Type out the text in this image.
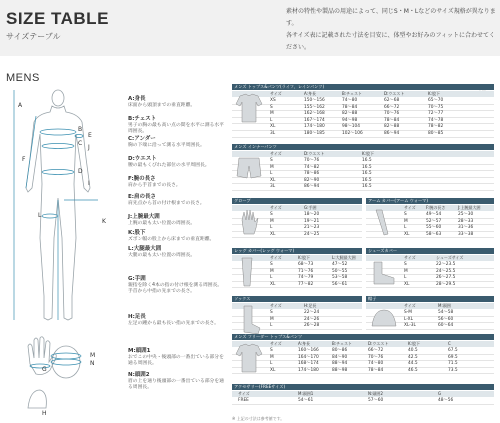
SIZE TABLE
サイズテーブル
素材の特性や製品の用途によって、同じS・M・Lなどのサイズ規格が異なります。
各サイズ表に記載された寸法を目安に、体型やお好みのフィットに合わせてください。
MENS
A
B
C
D
E
F
G
H
I
J
K
L
M
N
A:身長
床面から頭頂までの垂直距離。
B:チェスト
男子の胸の最も高い点の間を水平に測る水平周囲長。
C:アンダー
胸の下端に沿って測る水平周囲長。
D:ウエスト
腰の最もくびれた部位の水平周囲長。
F:腕の長さ
肩から手首までの長さ。
E:肩の長さ
肩先点から首の付け根までの長さ。
J:上腕最大囲
上腕の最も太い位置の周囲長。
K:股下
ズボン幅の股上から床までの垂直距離。
L:大腿最大囲
大腿の最も太い位置の周囲長。
G:手囲
親指を除く4本の指の付け根を測る周囲長。手首から中指の先までの長さ。
H:足長
左足の踵から最も長い指の先までの長さ。
M:頭囲1
おでこの中央・後頭部の一番出ている部分を通る周囲長。
N:頭囲2
眉の上を通り後頭部の一番出ている部分を通る周囲長。
メンズ トップス&パンツ(ライフ、レインパンツ)
サイズ	A:身長	B:チェスト	D:ウエスト	K:股下
XS	150〜156	74〜80	62〜68	65〜70
S	155〜162	78〜84	66〜72	70〜75
M	162〜168	82〜88	70〜76	72〜77
L	167〜174	94〜98	78〜84	74〜78
XL	174〜180	98〜104	82〜88	78〜82
3L	180〜185	102〜106	86〜94	80〜85
メンズ インナーパンツ
サイズ	D:ウエスト	K:股下
S	70〜76	16.5
M	74〜82	16.5
L	78〜86	16.5
XL	82〜90	16.5
3L	86〜94	16.5
グローブ
サイズ	G:手囲
S	18〜20
M	19〜21
L	21〜23
XL	24〜25
アーム カバー(アーム ウォーマ)
サイズ	F:腕の長さ	J:上腕最大囲
S	49〜54	25〜30
M	52〜57	28〜33
L	55〜60	31〜36
XL	58〜63	33〜38
レッグ カバー(レッグ ウォーマ)
サイズ	K:股下	L:大腿最大囲
S	68〜73	47〜52
M	71〜76	50〜55
L	74〜79	53〜58
XL	77〜82	56〜61
シューズカバー
サイズ	シューズサイズ
S	22〜23.5
M	24〜25.5
L	26〜27.5
XL	28〜29.5
ソックス
サイズ	H:足長
S	22〜24
M	24〜26
L	26〜28
帽子
サイズ	M:頭囲
S-M	54〜58
L-XL	56〜60
XL-3L	60〜64
メンズ フリーダー トップス&パンツ
サイズ	A:身長	B:チェスト	D:ウエスト	K:股下	C
S	160〜166	80〜86	66〜72	40.5	67.5
M	164〜170	84〜90	70〜76	42.5	69.5
L	168〜174	88〜94	74〜80	44.5	71.5
XL	174〜180	88〜98	78〜84	46.5	73.5
アクセサリー(FREEサイズ)
サイズ	M:頭囲1	N:頭囲2	G
FREE	54〜61	57〜60	48〜56
※ 上記の寸法は参考値です。
